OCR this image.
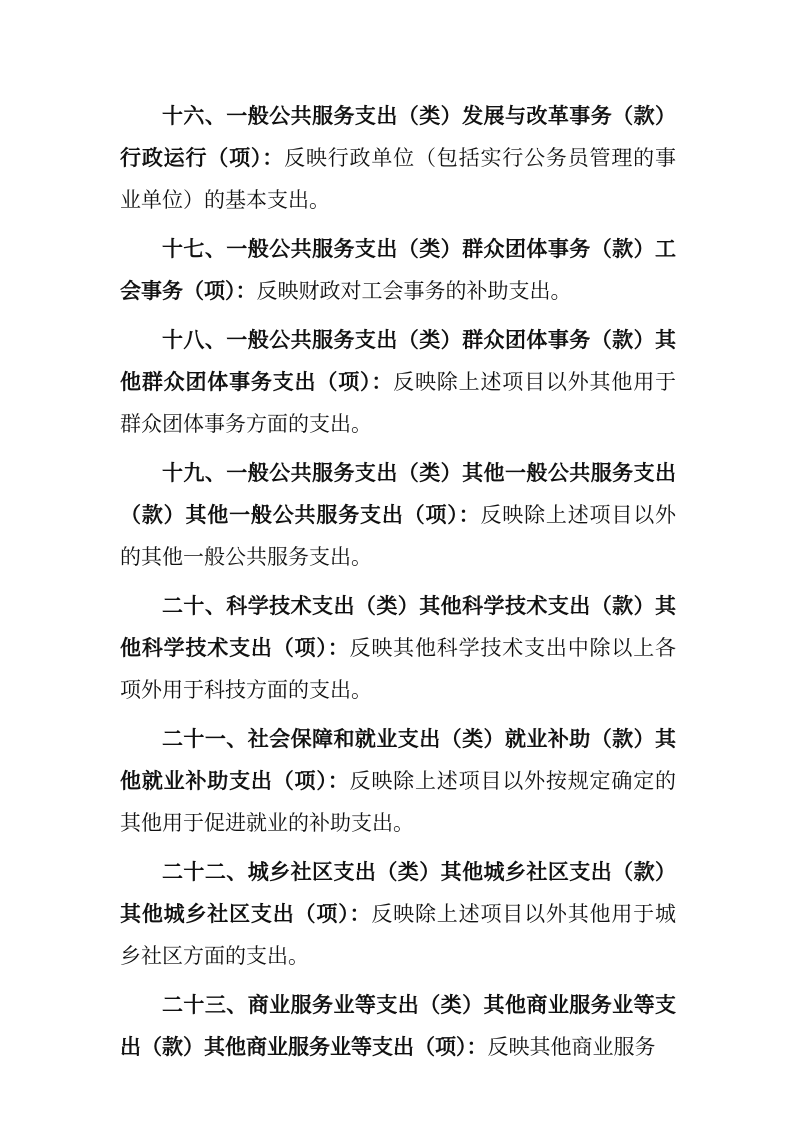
十六、一般公共服务支出（类）发展与改革事务（款）行政运行（项）：反映行政单位（包括实行公务员管理的事业单位）的基本支出。

十七、一般公共服务支出（类）群众团体事务（款）工会事务（项）：反映财政对工会事务的补助支出。

十八、一般公共服务支出（类）群众团体事务（款）其他群众团体事务支出（项）：反映除上述项目以外其他用于群众团体事务方面的支出。

十九、一般公共服务支出（类）其他一般公共服务支出（款）其他一般公共服务支出（项）：反映除上述项目以外的其他一般公共服务支出。

二十、科学技术支出（类）其他科学技术支出（款）其他科学技术支出（项）：反映其他科学技术支出中除以上各项外用于科技方面的支出。

二十一、社会保障和就业支出（类）就业补助（款）其他就业补助支出（项）：反映除上述项目以外按规定确定的其他用于促进就业的补助支出。

二十二、城乡社区支出（类）其他城乡社区支出（款）其他城乡社区支出（项）：反映除上述项目以外其他用于城乡社区方面的支出。

二十三、商业服务业等支出（类）其他商业服务业等支出（款）其他商业服务业等支出（项）：反映其他商业服务
